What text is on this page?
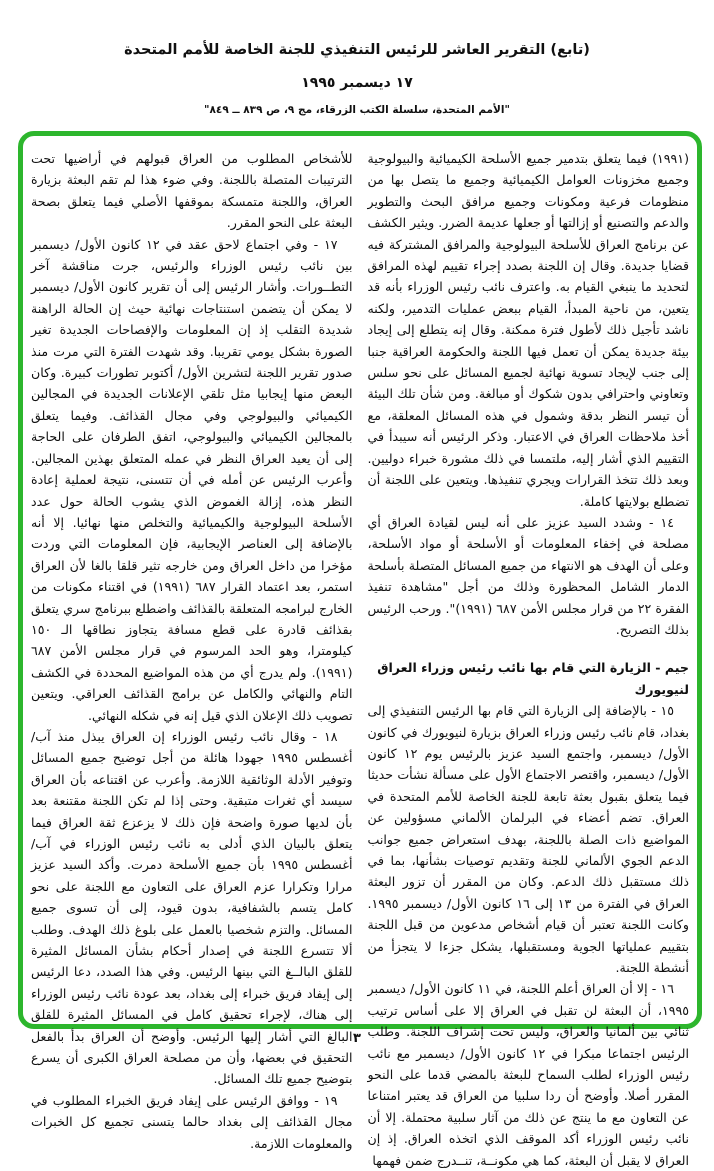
(تابع) التقرير العاشر للرئيس التنفيذي للجنة الخاصة للأمم المتحدة
١٧ ديسمبر ١٩٩٥
"الأمم المتحدة، سلسلة الكتب الزرقاء، مج ٩، ص ٨٣٩ ــ ٨٤٩"

(١٩٩١) فيما يتعلق بتدمير جميع الأسلحة الكيميائية والبيولوجية وجميع مخزونات العوامل الكيميائية وجميع ما يتصل بها من منظومات فرعية ومكونات وجميع مرافق البحث والتطوير والدعم والتصنيع أو إزالتها أو جعلها عديمة الضرر. ويثير الكشف عن برنامج العراق للأسلحة البيولوجية والمرافق المشتركة فيه قضايا جديدة. وقال إن اللجنة بصدد إجراء تقييم لهذه المرافق لتحديد ما ينبغي القيام به. واعترف نائب رئيس الوزراء بأنه قد يتعين، من ناحية المبدأ، القيام ببعض عمليات التدمير، ولكنه ناشد تأجيل ذلك لأطول فترة ممكنة. وقال إنه يتطلع إلى إيجاد بيئة جديدة يمكن أن تعمل فيها اللجنة والحكومة العراقية جنبا إلى جنب لإيجاد تسوية نهائية لجميع المسائل على نحو سلس وتعاوني واحترافي بدون شكوك أو مبالغة. ومن شأن تلك البيئة أن تيسر النظر بدقة وشمول في هذه المسائل المعلقة، مع أخذ ملاحظات العراق في الاعتبار. وذكر الرئيس أنه سيبدأ في التقييم الذي أشار إليه، ملتمسا في ذلك مشورة خبراء دوليين. وبعد ذلك تتخذ القرارات ويجري تنفيذها. ويتعين على اللجنة أن تضطلع بولايتها كاملة.

١٤ - وشدد السيد عزيز على أنه ليس لقيادة العراق أي مصلحة في إخفاء المعلومات أو الأسلحة أو مواد الأسلحة، وعلى أن الهدف هو الانتهاء من جميع المسائل المتصلة بأسلحة الدمار الشامل المحظورة وذلك من أجل "مشاهدة تنفيذ الفقرة ٢٢ من قرار مجلس الأمن ٦٨٧ (١٩٩١)". ورحب الرئيس بذلك التصريح.

جيم - الزيارة التي قام بها نائب رئيس وزراء العراق لنيويورك

١٥ - بالإضافة إلى الزيارة التي قام بها الرئيس التنفيذي إلى بغداد، قام نائب رئيس وزراء العراق بزيارة لنيويورك في كانون الأول/ ديسمبر، واجتمع السيد عزيز بالرئيس يوم ١٢ كانون الأول/ ديسمبر، واقتصر الاجتماع الأول على مسألة نشأت حديثا فيما يتعلق بقبول بعثة تابعة للجنة الخاصة للأمم المتحدة في العراق. تضم أعضاء في البرلمان الألماني مسؤولين عن المواضيع ذات الصلة باللجنة، بهدف استعراض جميع جوانب الدعم الجوي الألماني للجنة وتقديم توصيات بشأنها، بما في ذلك مستقبل ذلك الدعم. وكان من المقرر أن تزور البعثة العراق في الفترة من ١٣ إلى ١٦ كانون الأول/ ديسمبر ١٩٩٥. وكانت اللجنة تعتبر أن قيام أشخاص مدعوين من قبل اللجنة بتقييم عملياتها الجوية ومستقبلها، يشكل جزءا لا يتجزأ من أنشطة اللجنة.

١٦ - إلا أن العراق أعلم اللجنة، في ١١ كانون الأول/ ديسمبر ١٩٩٥، أن البعثة لن تقبل في العراق إلا على أساس ترتيب ثنائي بين ألمانيا والعراق، وليس تحت إشراف اللجنة. وطلب الرئيس اجتماعا مبكرا في ١٢ كانون الأول/ ديسمبر مع نائب رئيس الوزراء لطلب السماح للبعثة بالمضي قدما على النحو المقرر أصلا. وأوضح أن ردا سلبيا من العراق قد يعتبر امتناعا عن التعاون مع ما ينتج عن ذلك من آثار سلبية محتملة. إلا أن نائب رئيس الوزراء أكد الموقف الذي اتخذه العراق. إذ إن العراق لا يقبل أن البعثة، كما هي مكونــة، تنــدرج ضمن فهمها

للأشخاص المطلوب من العراق قبولهم في أراضيها تحت الترتيبات المتصلة باللجنة. وفي ضوء هذا لم تقم البعثة بزيارة العراق، واللجنة متمسكة بموقفها الأصلي فيما يتعلق بصحة البعثة على النحو المقرر.

١٧ - وفي اجتماع لاحق عقد في ١٢ كانون الأول/ ديسمبر بين نائب رئيس الوزراء والرئيس، جرت مناقشة آخر التطــورات. وأشار الرئيس إلى أن تقرير كانون الأول/ ديسمبر لا يمكن أن يتضمن استنتاجات نهائية حيث إن الحالة الراهنة شديدة التقلب إذ إن المعلومات والإفصاحات الجديدة تغير الصورة بشكل يومي تقريبا. وقد شهدت الفترة التي مرت منذ صدور تقرير اللجنة لتشرين الأول/ أكتوبر تطورات كبيرة. وكان البعض منها إيجابيا مثل تلقي الإعلانات الجديدة في المجالين الكيميائي والبيولوجي وفي مجال القذائف. وفيما يتعلق بالمجالين الكيميائي والبيولوجي، اتفق الطرفان على الحاجة إلى أن يعيد العراق النظر في عمله المتعلق بهذين المجالين. وأعرب الرئيس عن أمله في أن تتسنى، نتيجة لعملية إعادة النظر هذه، إزالة الغموض الذي يشوب الحالة حول عدد الأسلحة البيولوجية والكيميائية والتخلص منها نهائيا. إلا أنه بالإضافة إلى العناصر الإيجابية، فإن المعلومات التي وردت مؤخرا من داخل العراق ومن خارجه تثير قلقا بالغا لأن العراق استمر، بعد اعتماد القرار ٦٨٧ (١٩٩١) في اقتناء مكونات من الخارج لبرامجه المتعلقة بالقذائف واضطلع ببرنامج سري يتعلق بقذائف قادرة على قطع مسافة يتجاوز نطاقها الـ ١٥٠ كيلومترا، وهو الحد المرسوم في قرار مجلس الأمن ٦٨٧ (١٩٩١). ولم يدرج أي من هذه المواضيع المحددة في الكشف التام والنهائي والكامل عن برامج القذائف العراقي. ويتعين تصويب ذلك الإعلان الذي قيل إنه في شكله النهائي.

١٨ - وقال نائب رئيس الوزراء إن العراق يبذل منذ آب/ أغسطس ١٩٩٥ جهودا هائلة من أجل توضيح جميع المسائل وتوفير الأدلة الوثائقية اللازمة. وأعرب عن اقتناعه بأن العراق سيسد أي ثغرات متبقية. وحتى إذا لم تكن اللجنة مقتنعة بعد بأن لديها صورة واضحة فإن ذلك لا يزعزع ثقة العراق فيما يتعلق بالبيان الذي أدلى به نائب رئيس الوزراء في آب/ أغسطس ١٩٩٥ بأن جميع الأسلحة دمرت. وأكد السيد عزيز مرارا وتكرارا عزم العراق على التعاون مع اللجنة على نحو كامل يتسم بالشفافية، بدون قيود، إلى أن تسوى جميع المسائل. والتزم شخصيا بالعمل على بلوغ ذلك الهدف. وطلب ألا تتسرع اللجنة في إصدار أحكام بشأن المسائل المثيرة للقلق البالــغ التي بينها الرئيس. وفي هذا الصدد، دعا الرئيس إلى إيفاد فريق خبراء إلى بغداد، بعد عودة نائب رئيس الوزراء إلى هناك، لإجراء تحقيق كامل في المسائل المثيرة للقلق البالغ التي أشار إليها الرئيس. وأوضح أن العراق بدأ بالفعل التحقيق في بعضها، وأن من مصلحة العراق الكبرى أن يسرع بتوضيح جميع تلك المسائل.

١٩ - ووافق الرئيس على إيفاد فريق الخبراء المطلوب في مجال القذائف إلى بغداد حالما يتسنى تجميع كل الخبرات والمعلومات اللازمة.

٣
